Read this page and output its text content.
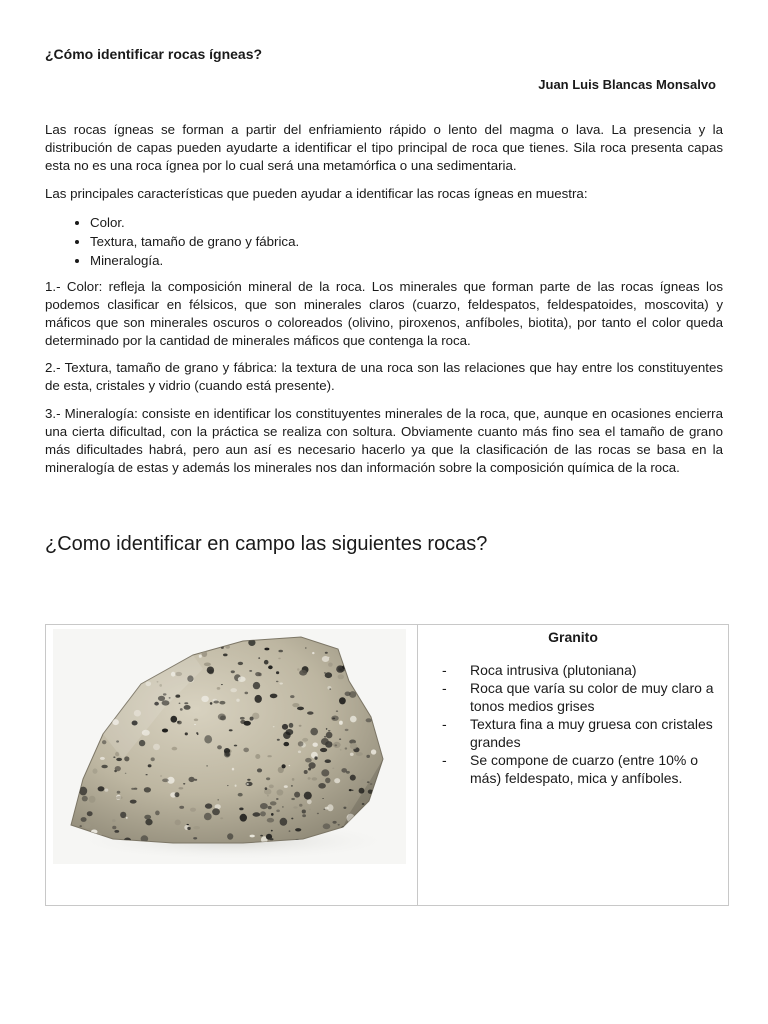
¿Cómo identificar rocas ígneas?

Juan Luis Blancas Monsalvo

Las rocas ígneas se forman a partir del enfriamiento rápido o lento del magma o lava. La presencia y la distribución de capas pueden ayudarte a identificar el tipo principal de roca que tienes. Sila roca presenta capas esta no es una roca ígnea por lo cual será una metamórfica o una sedimentaria.

Las principales características que pueden ayudar a identificar las rocas ígneas en muestra:

• Color.
• Textura, tamaño de grano y fábrica.
• Mineralogía.

1.- Color: refleja la composición mineral de la roca. Los minerales que forman parte de las rocas ígneas los podemos clasificar en félsicos, que son minerales claros (cuarzo, feldespatos, feldespatoides, moscovita) y máficos que son minerales oscuros o coloreados (olivino, piroxenos, anfíboles, biotita), por tanto el color queda determinado por la cantidad de minerales máficos que contenga la roca.

2.- Textura, tamaño de grano y fábrica: la textura de una roca son las relaciones que hay entre los constituyentes de esta, cristales y vidrio (cuando está presente).

3.- Mineralogía: consiste en identificar los constituyentes minerales de la roca, que, aunque en ocasiones encierra una cierta dificultad, con la práctica se realiza con soltura. Obviamente cuanto más fino sea el tamaño de grano más dificultades habrá, pero aun así es necesario hacerlo ya que la clasificación de las rocas se basa en la mineralogía de estas y además los minerales nos dan información sobre la composición química de la roca.

¿Como identificar en campo las siguientes rocas?

Granito

- Roca intrusiva (plutoniana)
- Roca que varía su color de muy claro a tonos medios grises
- Textura fina a muy gruesa con cristales grandes
- Se compone de cuarzo (entre 10% o más) feldespato, mica y anfíboles.
